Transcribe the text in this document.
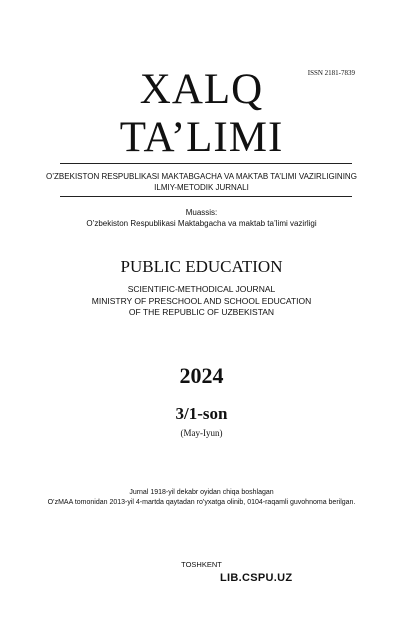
ISSN 2181-7839
XALQ
TA’LIMI
O’ZBEKISTON RESPUBLIKASI MAKTABGACHA VA MAKTAB TA’LIMI VAZIRLIGINING
ILMIY-METODIK JURNALI
Muassis:
O’zbekiston Respublikasi Maktabgacha va maktab ta’limi vazirligi
PUBLIC EDUCATION
SCIENTIFIC-METHODICAL JOURNAL
MINISTRY OF PRESCHOOL AND SCHOOL EDUCATION
OF THE REPUBLIC OF UZBEKISTAN
2024
3/1-son
(May-Iyun)
Jurnal 1918-yil dekabr oyidan chiqa boshlagan
O’zMAA tomonidan 2013-yil 4-martda qaytadan ro’yxatga olinib, 0104-raqamli guvohnoma berilgan.
TOSHKENT
LIB.CSPU.UZ
